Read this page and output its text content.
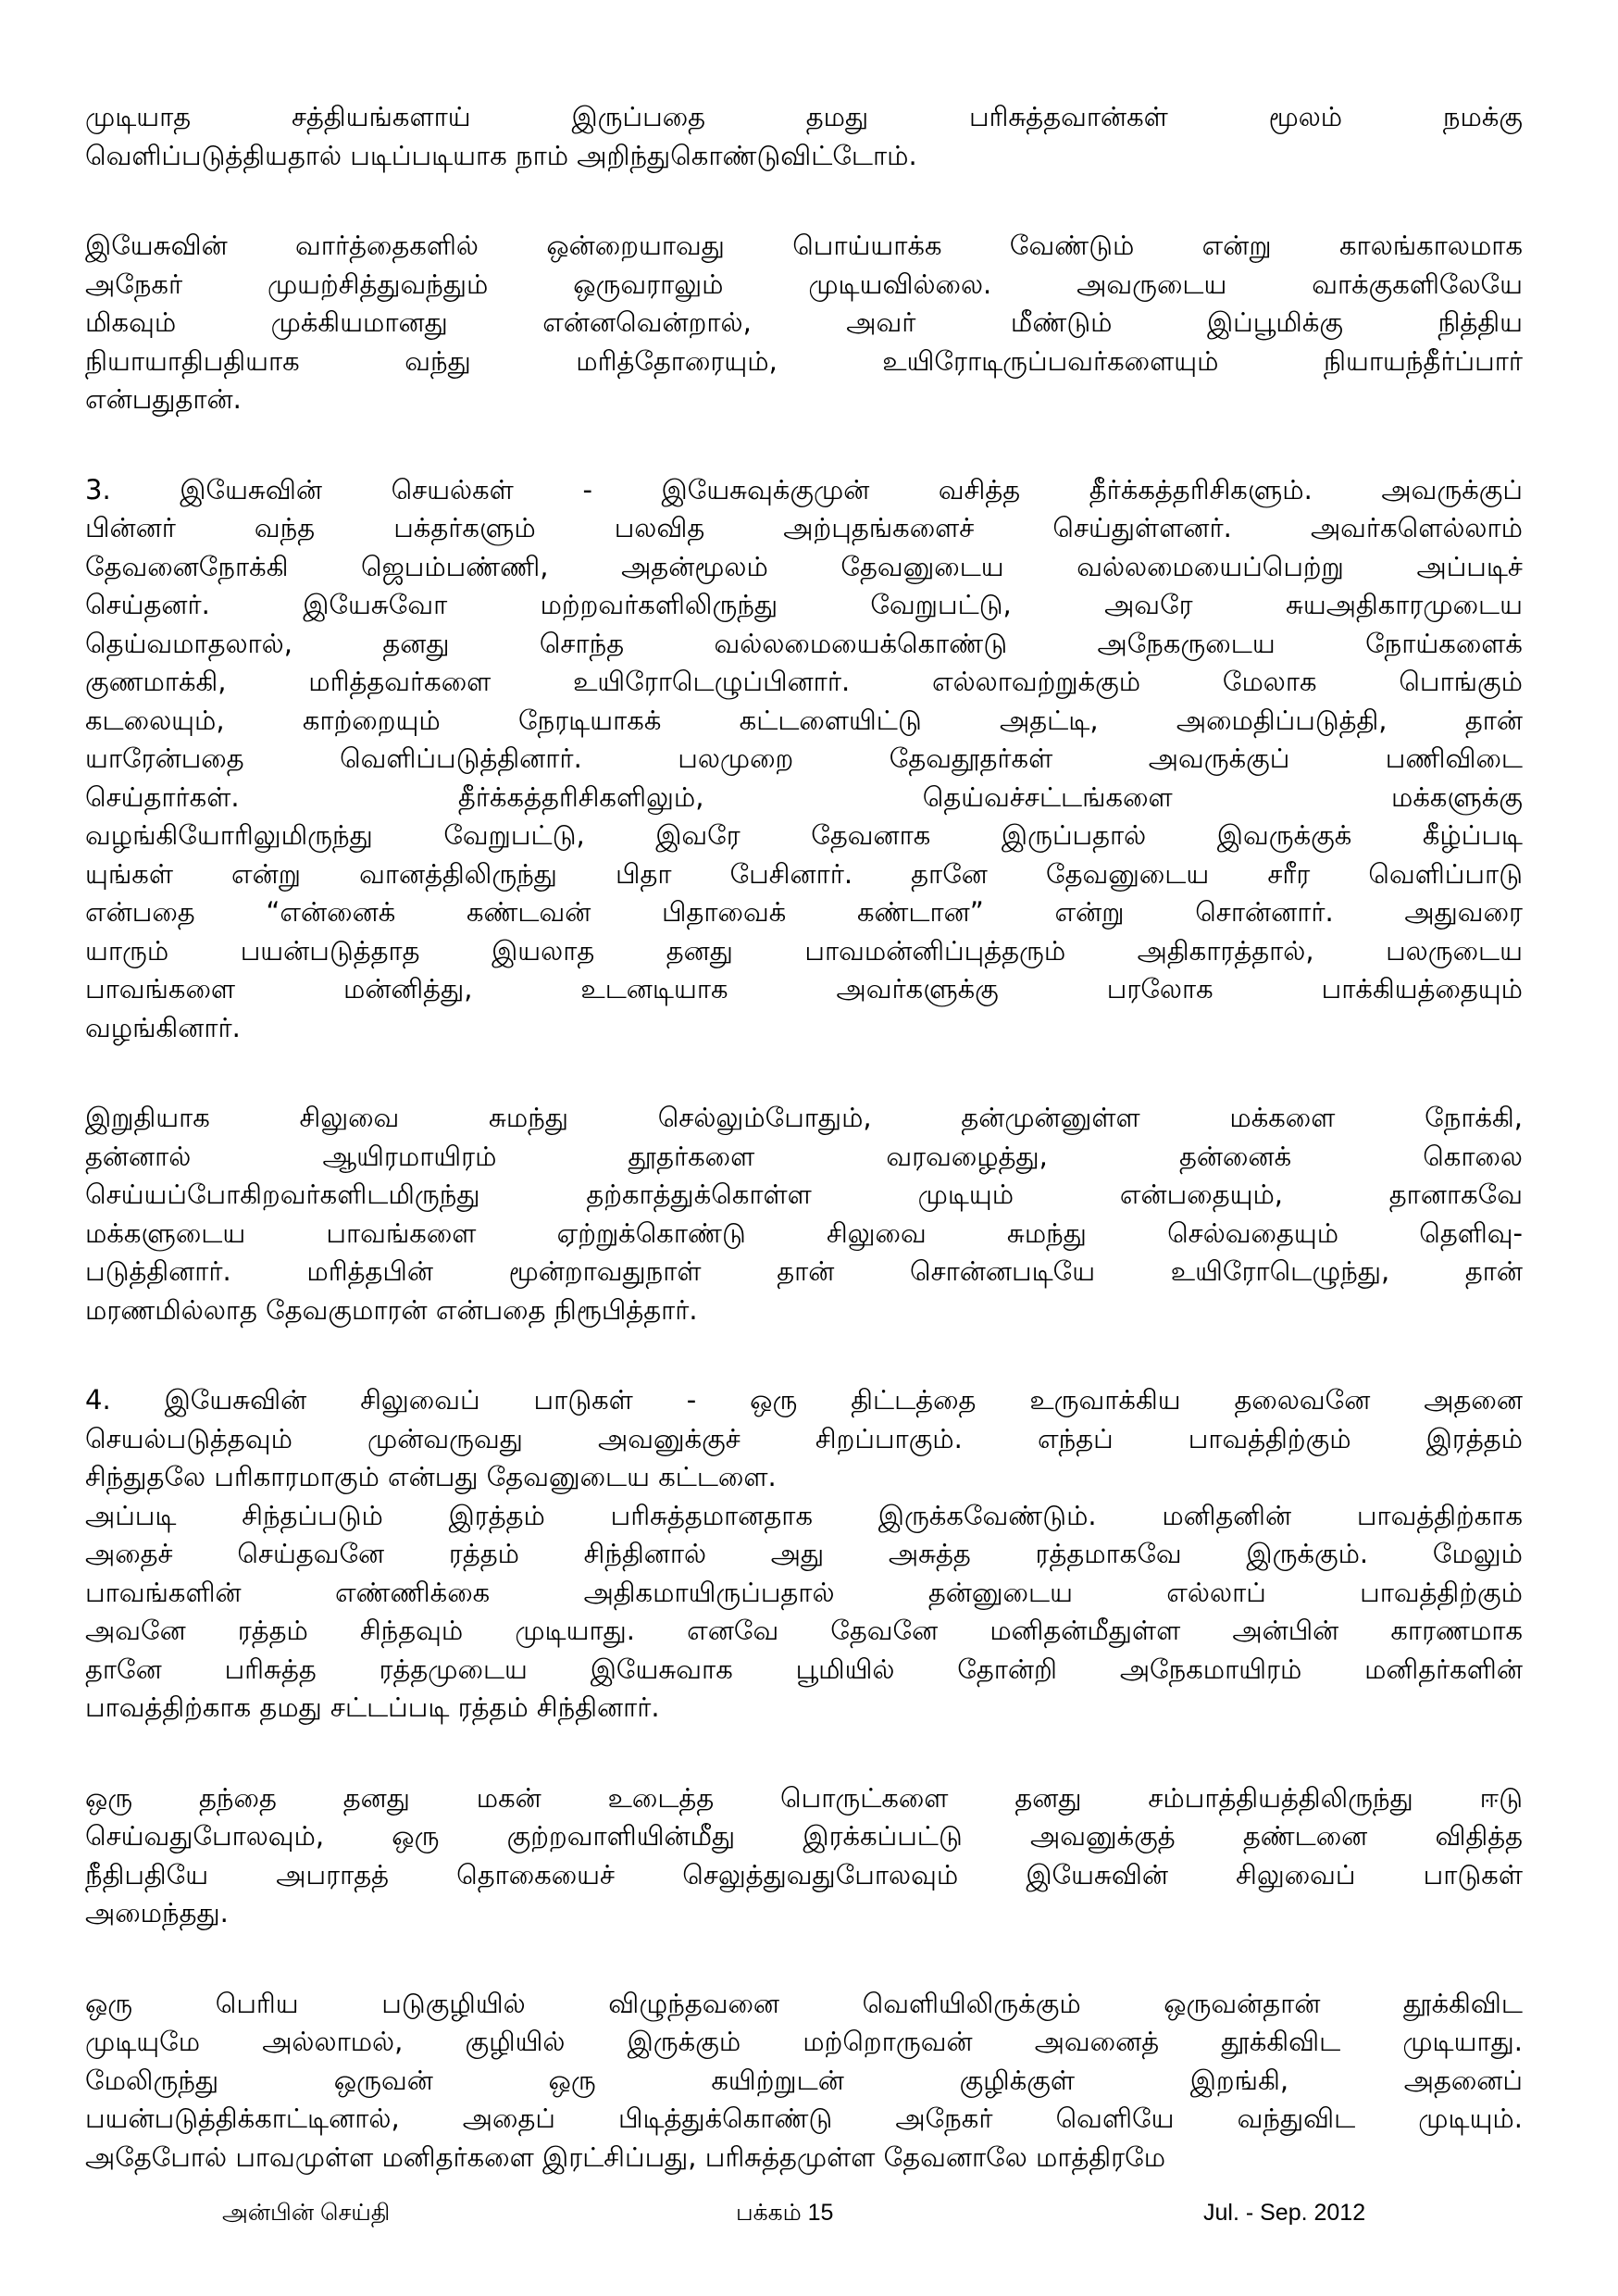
முடியாத சத்தியங்களாய் இருப்பதை தமது பரிசுத்தவான்கள் மூலம் நமக்கு
வெளிப்படுத்தியதால் படிப்படியாக நாம் அறிந்துகொண்டுவிட்டோம்.
இயேசுவின் வார்த்தைகளில் ஒன்றையாவது பொய்யாக்க வேண்டும் என்று காலங்காலமாக
அநேகர் முயற்சித்துவந்தும் ஒருவராலும் முடியவில்லை. அவருடைய வாக்குகளிலேயே
மிகவும் முக்கியமானது என்னவென்றால், அவர் மீண்டும் இப்பூமிக்கு நித்திய
நியாயாதிபதியாக வந்து மரித்தோரையும், உயிரோடிருப்பவர்களையும் நியாயந்தீர்ப்பார்
என்பதுதான்.
3. இயேசுவின் செயல்கள் - இயேசுவுக்குமுன் வசித்த தீர்க்கத்தரிசிகளும். அவருக்குப்
பின்னர் வந்த பக்தர்களும் பலவித அற்புதங்களைச் செய்துள்ளனர். அவர்களெல்லாம்
தேவனைநோக்கி ஜெபம்பண்ணி, அதன்மூலம் தேவனுடைய வல்லமையைப்பெற்று அப்படிச்
செய்தனர். இயேசுவோ மற்றவர்களிலிருந்து வேறுபட்டு, அவரே சுயஅதிகாரமுடைய
தெய்வமாதலால், தனது சொந்த வல்லமையைக்கொண்டு அநேகருடைய நோய்களைக்
குணமாக்கி, மரித்தவர்களை உயிரோடெழுப்பினார். எல்லாவற்றுக்கும் மேலாக பொங்கும்
கடலையும், காற்றையும் நேரடியாகக் கட்டளையிட்டு அதட்டி, அமைதிப்படுத்தி, தான்
யாரேன்பதை வெளிப்படுத்தினார். பலமுறை தேவதூதர்கள் அவருக்குப் பணிவிடை
செய்தார்கள். தீர்க்கத்தரிசிகளிலும், தெய்வச்சட்டங்களை மக்களுக்கு
வழங்கியோரிலுமிருந்து வேறுபட்டு, இவரே தேவனாக இருப்பதால் இவருக்குக் கீழ்ப்படி
யுங்கள் என்று வானத்திலிருந்து பிதா பேசினார். தானே தேவனுடைய சரீர வெளிப்பாடு
என்பதை “என்னைக் கண்டவன் பிதாவைக் கண்டான” என்று சொன்னார். அதுவரை
யாரும் பயன்படுத்தாத இயலாத தனது பாவமன்னிப்புத்தரும் அதிகாரத்தால், பலருடைய
பாவங்களை மன்னித்து, உடனடியாக அவர்களுக்கு பரலோக பாக்கியத்தையும்
வழங்கினார்.
இறுதியாக சிலுவை சுமந்து செல்லும்போதும், தன்முன்னுள்ள மக்களை நோக்கி,
தன்னால் ஆயிரமாயிரம் தூதர்களை வரவழைத்து, தன்னைக் கொலை
செய்யப்போகிறவர்களிடமிருந்து தற்காத்துக்கொள்ள முடியும் என்பதையும், தானாகவே
மக்களுடைய பாவங்களை ஏற்றுக்கொண்டு சிலுவை சுமந்து செல்வதையும் தெளிவு-
படுத்தினார். மரித்தபின் மூன்றாவதுநாள் தான் சொன்னபடியே உயிரோடெழுந்து, தான்
மரணமில்லாத தேவகுமாரன் என்பதை நிரூபித்தார்.
4. இயேசுவின் சிலுவைப் பாடுகள் - ஒரு திட்டத்தை உருவாக்கிய தலைவனே அதனை
செயல்படுத்தவும் முன்வருவது அவனுக்குச் சிறப்பாகும். எந்தப் பாவத்திற்கும் இரத்தம்
சிந்துதலே பரிகாரமாகும் என்பது தேவனுடைய கட்டளை.
அப்படி சிந்தப்படும் இரத்தம் பரிசுத்தமானதாக இருக்கவேண்டும். மனிதனின் பாவத்திற்காக
அதைச் செய்தவனே ரத்தம் சிந்தினால் அது அசுத்த ரத்தமாகவே இருக்கும். மேலும்
பாவங்களின் எண்ணிக்கை அதிகமாயிருப்பதால் தன்னுடைய எல்லாப் பாவத்திற்கும்
அவனே ரத்தம் சிந்தவும் முடியாது. எனவே தேவனே மனிதன்மீதுள்ள அன்பின் காரணமாக
தானே பரிசுத்த ரத்தமுடைய இயேசுவாக பூமியில் தோன்றி அநேகமாயிரம் மனிதர்களின்
பாவத்திற்காக தமது சட்டப்படி ரத்தம் சிந்தினார்.
ஒரு தந்தை தனது மகன் உடைத்த பொருட்களை தனது சம்பாத்தியத்திலிருந்து ஈடு
செய்வதுபோலவும், ஒரு குற்றவாளியின்மீது இரக்கப்பட்டு அவனுக்குத் தண்டனை விதித்த
நீதிபதியே அபராதத் தொகையைச் செலுத்துவதுபோலவும் இயேசுவின் சிலுவைப் பாடுகள்
அமைந்தது.
ஒரு பெரிய படுகுழியில் விழுந்தவனை வெளியிலிருக்கும் ஒருவன்தான் தூக்கிவிட
முடியுமே அல்லாமல், குழியில் இருக்கும் மற்றொருவன் அவனைத் தூக்கிவிட முடியாது.
மேலிருந்து ஒருவன் ஒரு கயிற்றுடன் குழிக்குள் இறங்கி, அதனைப்
பயன்படுத்திக்காட்டினால், அதைப் பிடித்துக்கொண்டு அநேகர் வெளியே வந்துவிட முடியும்.
அதேபோல் பாவமுள்ள மனிதர்களை இரட்சிப்பது, பரிசுத்தமுள்ள தேவனாலே மாத்திரமே
அன்பின் செய்தி	பக்கம் 15	Jul. - Sep. 2012
